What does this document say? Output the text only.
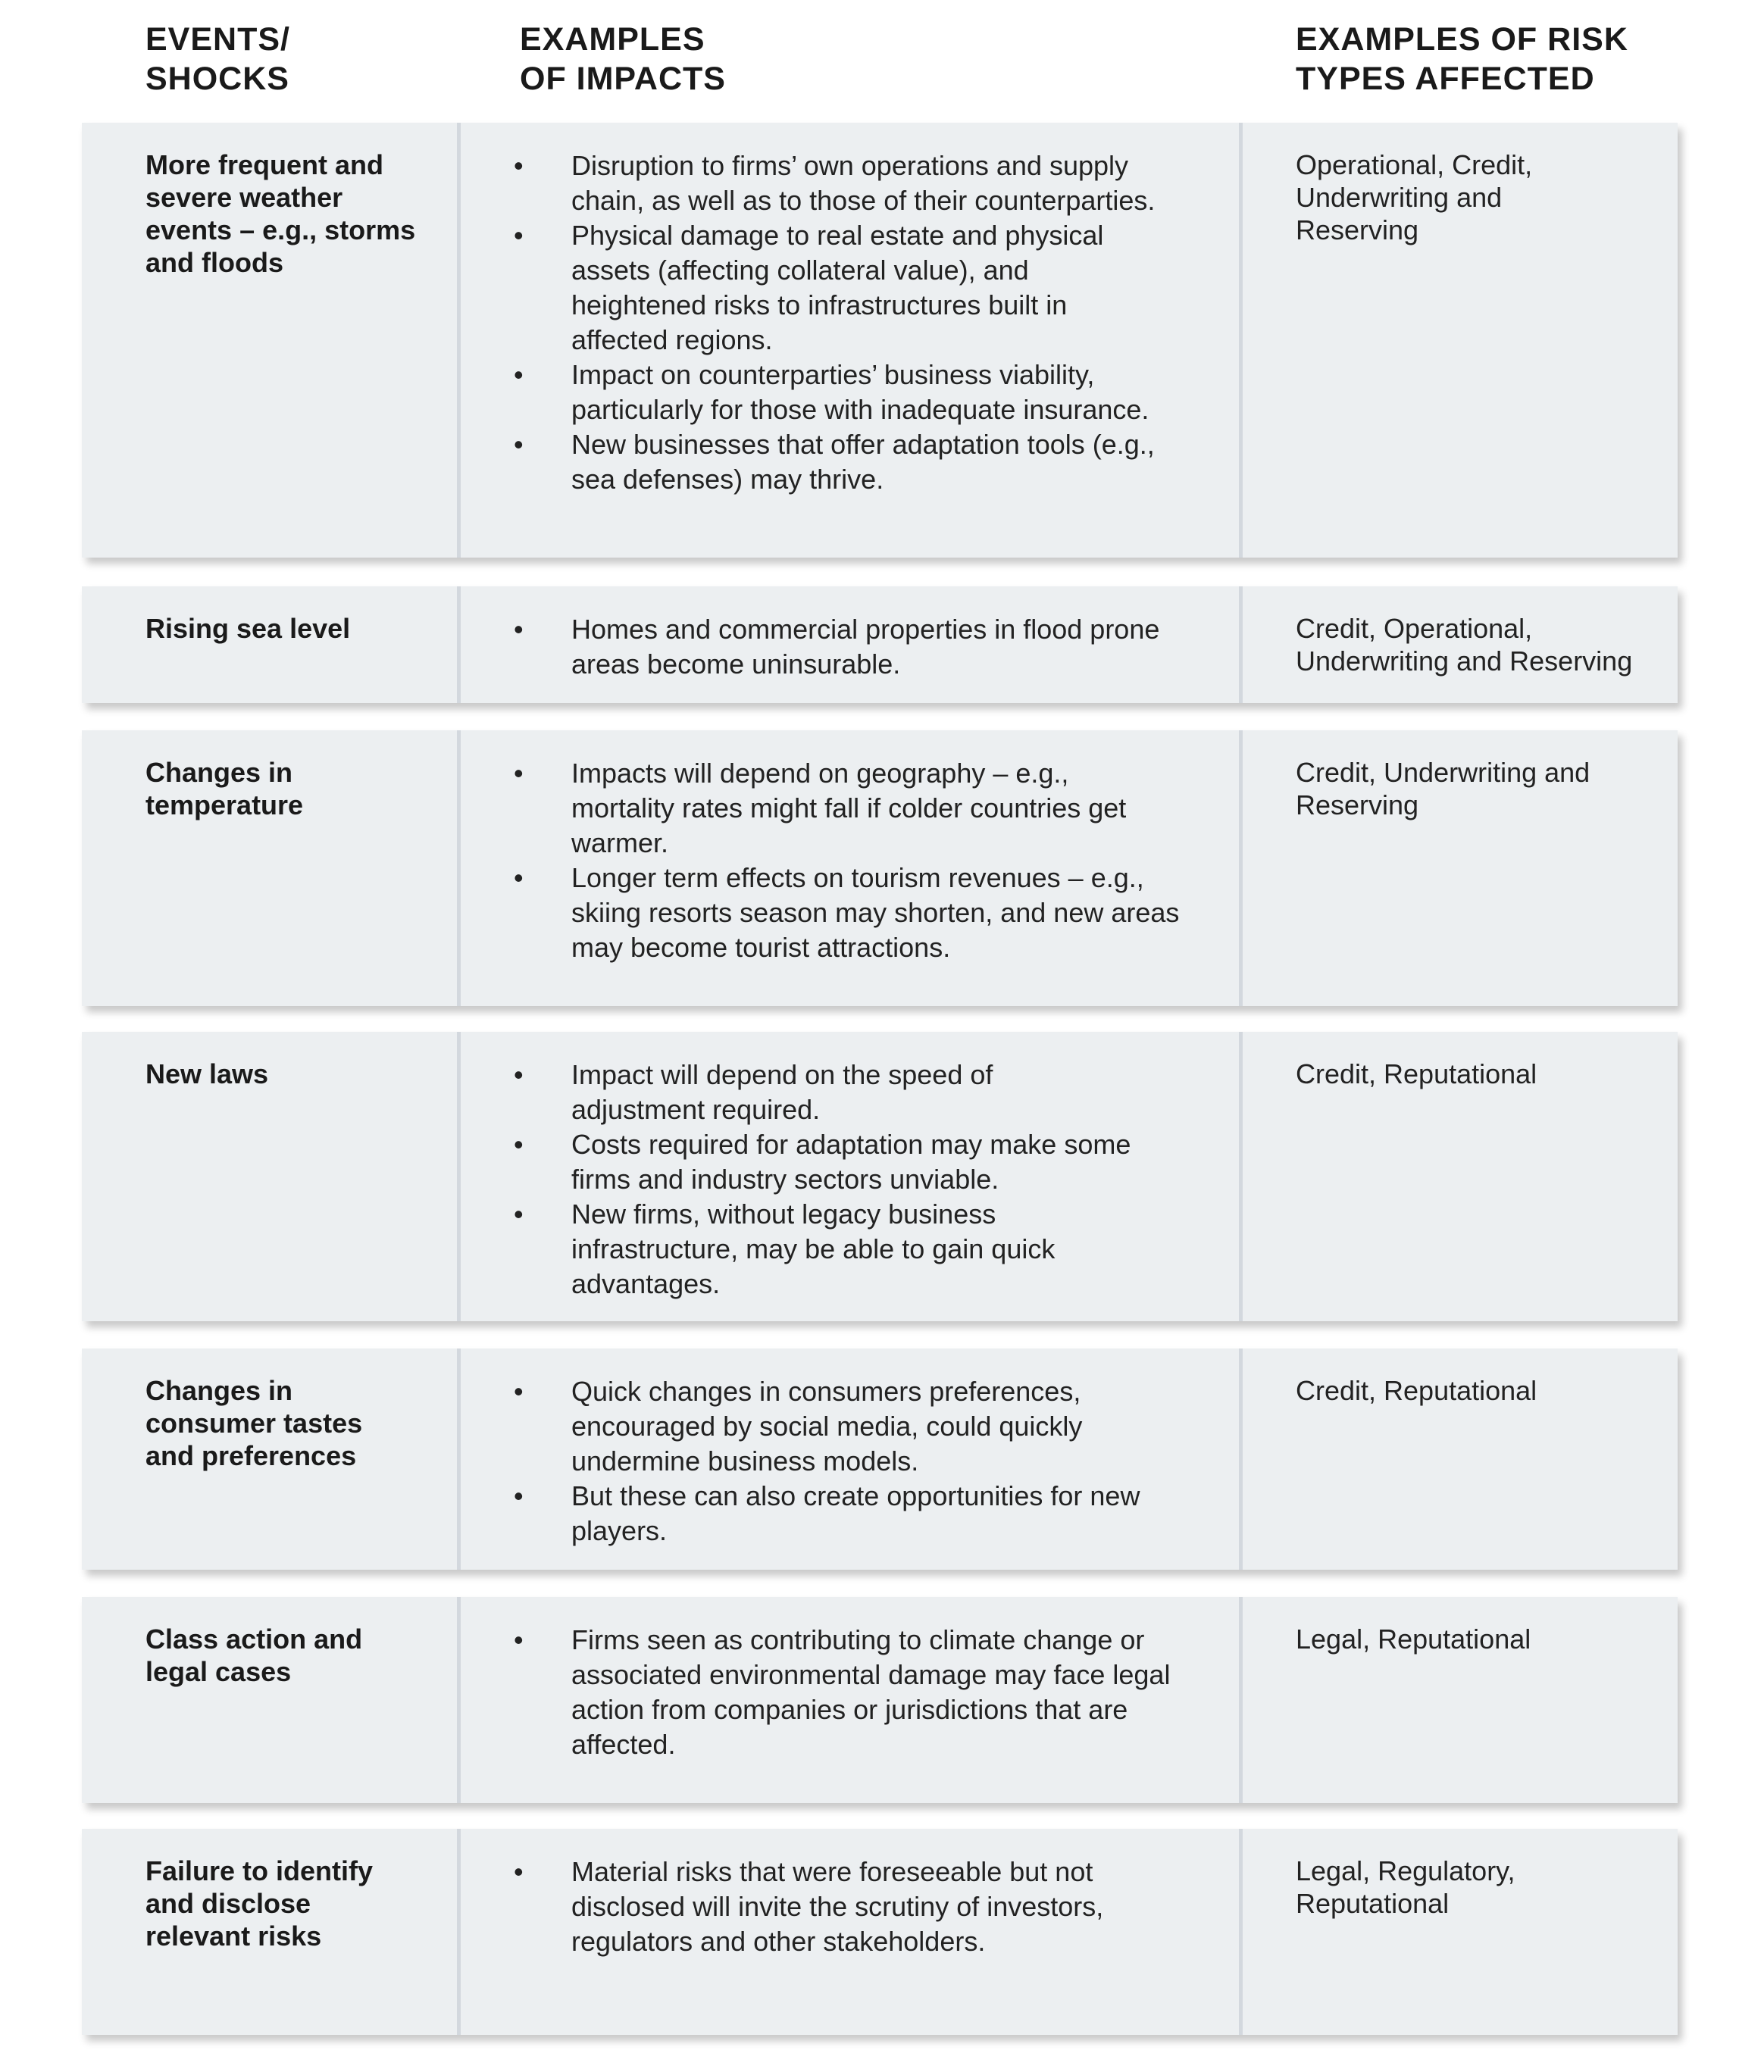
EVENTS/
SHOCKS
EXAMPLES
OF IMPACTS
EXAMPLES OF RISK
TYPES AFFECTED
More frequent and severe weather events – e.g., storms and floods
• Disruption to firms’ own operations and supply chain, as well as to those of their counterparties.
• Physical damage to real estate and physical assets (affecting collateral value), and heightened risks to infrastructures built in affected regions.
• Impact on counterparties’ business viability, particularly for those with inadequate insurance.
• New businesses that offer adaptation tools (e.g., sea defenses) may thrive.
Operational, Credit, Underwriting and Reserving
Rising sea level	• Homes and commercial properties in flood prone areas become uninsurable.
Credit, Operational, Underwriting and Reserving
Changes in temperature
• Impacts will depend on geography – e.g., mortality rates might fall if colder countries get warmer.
• Longer term effects on tourism revenues – e.g., skiing resorts season may shorten, and new areas may become tourist attractions.
Credit, Underwriting and Reserving
New laws	• Impact will depend on the speed of adjustment required.
• Costs required for adaptation may make some firms and industry sectors unviable.
• New firms, without legacy business infrastructure, may be able to gain quick advantages.
Credit, Reputational
Changes in consumer tastes and preferences
• Quick changes in consumers preferences, encouraged by social media, could quickly undermine business models.
• But these can also create opportunities for new players.
Credit, Reputational
Class action and legal cases
• Firms seen as contributing to climate change or associated environmental damage may face legal action from companies or jurisdictions that are affected.
Legal, Reputational
Failure to identify and disclose relevant risks
• Material risks that were foreseeable but not disclosed will invite the scrutiny of investors, regulators and other stakeholders.
Legal, Regulatory, Reputational
